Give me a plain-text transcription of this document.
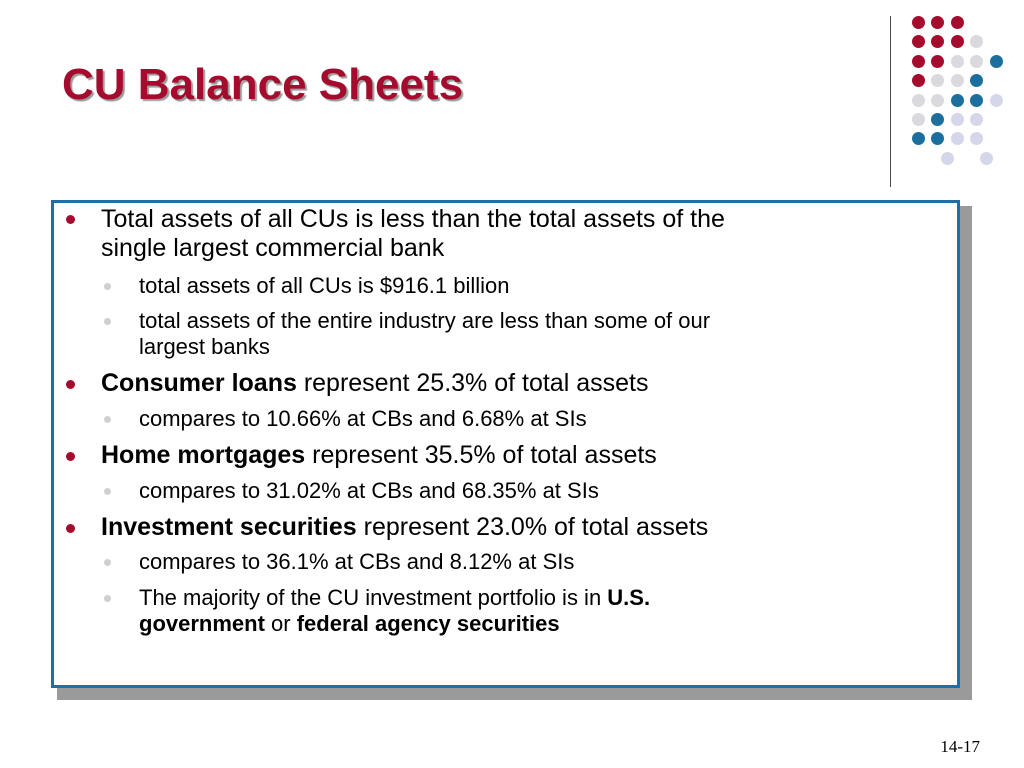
CU Balance Sheets
Total assets of all CUs is less than the total assets of the
single largest commercial bank
total assets of all CUs is $916.1 billion
total assets of the entire industry are less than some of our
largest banks
Consumer loans represent 25.3% of total assets
compares to 10.66% at CBs and 6.68% at SIs
Home mortgages represent 35.5% of total assets
compares to 31.02% at CBs and 68.35% at SIs
Investment securities represent 23.0% of total assets
compares to 36.1% at CBs and 8.12% at SIs
The majority of the CU investment portfolio is in U.S.
government or federal agency securities
14-17
